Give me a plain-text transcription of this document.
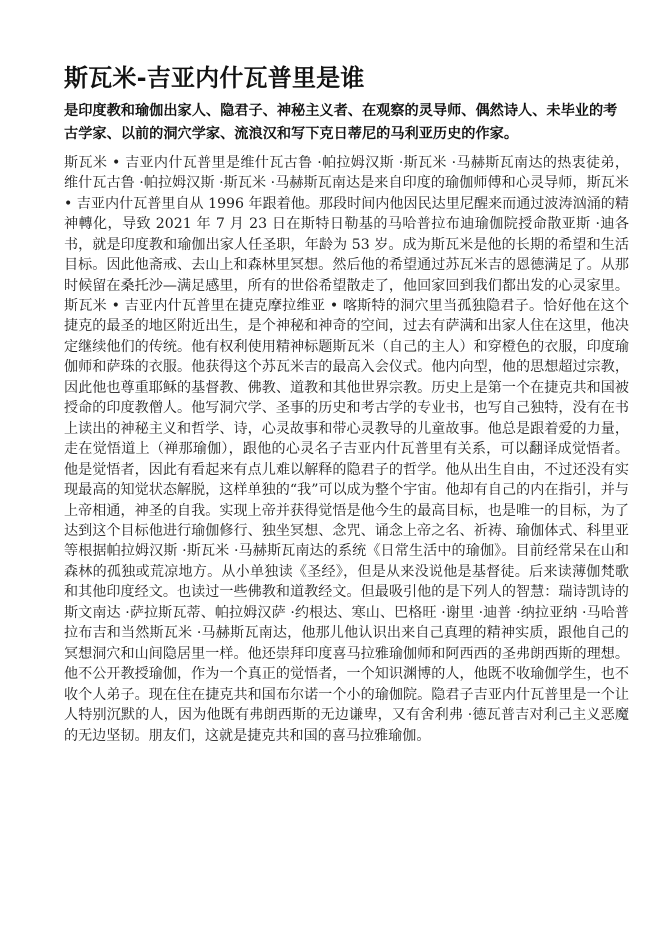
斯瓦米-吉亚内什瓦普里是谁

是印度教和瑜伽出家人、隐君子、神秘主义者、在观察的灵导师、偶然诗人、未毕业的考古学家、以前的洞穴学家、流浪汉和写下克日蒂尼的马利亚历史的作家。

斯瓦米 • 吉亚内什瓦普里是维什瓦古鲁 ·帕拉姆汉斯 ·斯瓦米 ·马赫斯瓦南达的热衷徒弟，维什瓦古鲁 ·帕拉姆汉斯 ·斯瓦米 ·马赫斯瓦南达是来自印度的瑜伽师傅和心灵导师，斯瓦米 • 吉亚内什瓦普里自从 1996 年跟着他。那段时间内他因民达里尼醒来而通过波涛汹涌的精神轉化，导致 2021 年 7 月 23 日在斯特日勒基的马哈普拉布迪瑜伽院授命散亚斯 ·迪各书，就是印度教和瑜伽出家人任圣职，年龄为 53 岁。成为斯瓦米是他的长期的希望和生活目标。因此他斋戒、去山上和森林里冥想。然后他的希望通过苏瓦米吉的恩德满足了。从那时候留在桑托沙—满足感里，所有的世俗希望散走了，他回家回到我们都出发的心灵家里。斯瓦米 • 吉亚内什瓦普里在捷克摩拉维亚 • 喀斯特的洞穴里当孤独隐君子。恰好他在这个捷克的最圣的地区附近出生，是个神秘和神奇的空间，过去有萨满和出家人住在这里，他决定继续他们的传统。他有权利使用精神标题斯瓦米（自己的主人）和穿橙色的衣服，印度瑜伽师和萨珠的衣服。他获得这个苏瓦米吉的最高入会仪式。他内向型，他的思想超过宗教，因此他也尊重耶稣的基督教、佛教、道教和其他世界宗教。历史上是第一个在捷克共和国被授命的印度教僧人。他写洞穴学、圣事的历史和考古学的专业书，也写自己独特，没有在书上读出的神秘主义和哲学、诗，心灵故事和带心灵教导的儿童故事。他总是跟着爱的力量，走在觉悟道上（禅那瑜伽），跟他的心灵名子吉亚内什瓦普里有关系，可以翻译成觉悟者。他是觉悟者，因此有看起来有点儿难以解释的隐君子的哲学。他从出生自由，不过还没有实现最高的知觉状态解脱，这样单独的“我”可以成为整个宇宙。他却有自己的内在指引，并与上帝相通，神圣的自我。实现上帝并获得觉悟是他今生的最高目标，也是唯一的目标，为了达到这个目标他进行瑜伽修行、独坐冥想、念咒、诵念上帝之名、祈祷、瑜伽体式、科里亚等根据帕拉姆汉斯 ·斯瓦米 ·马赫斯瓦南达的系统《日常生活中的瑜伽》。目前经常呆在山和森林的孤独或荒凉地方。从小单独读《圣经》，但是从来没说他是基督徒。后来读薄伽梵歌和其他印度经文。也读过一些佛教和道教经文。但最吸引他的是下列人的智慧：瑞诗凯诗的斯文南达 ·萨拉斯瓦蒂、帕拉姆汉萨 ·约根达、寒山、巴格旺 ·谢里 ·迪普 ·纳拉亚纳 ·马哈普拉布吉和当然斯瓦米 ·马赫斯瓦南达，他那儿他认识出来自己真理的精神实质，跟他自己的冥想洞穴和山间隐居里一样。他还崇拜印度喜马拉雅瑜伽师和阿西西的圣弗朗西斯的理想。他不公开教授瑜伽，作为一个真正的觉悟者，一个知识渊博的人，他既不收瑜伽学生，也不收个人弟子。现在住在捷克共和国布尔诺一个小的瑜伽院。隐君子吉亚内什瓦普里是一个让人特别沉默的人，因为他既有弗朗西斯的无边谦卑，又有舍利弗 ·德瓦普吉对利己主义恶魔的无边坚韧。朋友们，这就是捷克共和国的喜马拉雅瑜伽。
